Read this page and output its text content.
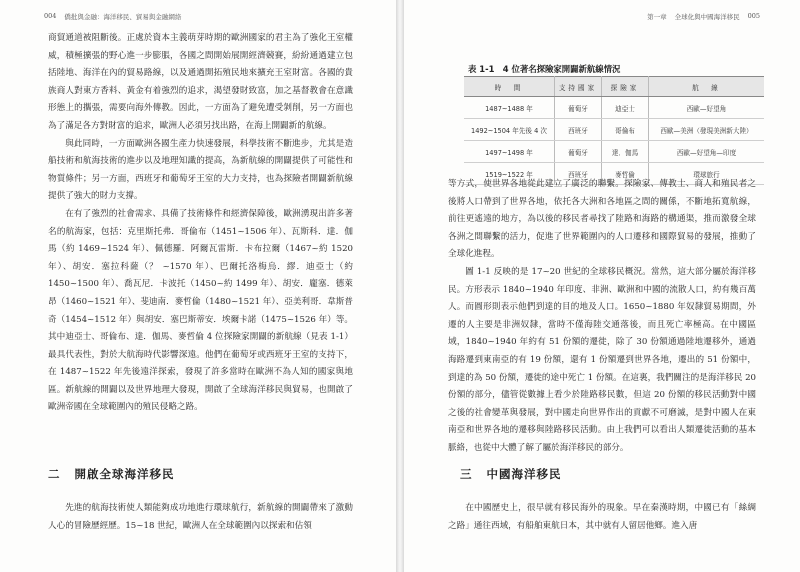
004 僑批與金融：海洋移民、貿易與金融網絡

商貿通道被阻斷後。正處於資本主義萌芽時期的歐洲國家的君主為了強化王室權威，積極擴張的野心進一步膨脹，各國之間開始展開經濟競賽，紛紛通過建立包括陸地、海洋在內的貿易路線，以及通過開拓殖民地來擴充王室財富。各國的貴族商人對東方香料、黃金有着強烈的追求，渴望發財致富，加之基督教會在意識形態上的攜張，需要向海外傳教。因此，一方面為了避免遭受剝削，另一方面也為了滿足各方對財富的追求，歐洲人必須另找出路，在海上開闢新的航線。

與此同時，一方面歐洲各國生產力快速發展，科學技術不斷進步，尤其是造船技術和航海技術的進步以及地理知識的提高，為新航線的開闢提供了可能性和物質條件；另一方面，西班牙和葡萄牙王室的大力支持，也為探險者開闢新航線提供了強大的財力支撐。

在有了強烈的社會需求、具備了技術條件和經濟保障後，歐洲湧現出許多著名的航海家，包括：克里斯托弗．哥倫布（1451~1506 年）、瓦斯科．達．伽馬（約 1469~1524 年）、佩德羅．阿爾瓦雷斯．卡布拉爾（1467~約 1520 年）、胡安．塞拉科薩（？ ~1570 年）、巴爾托洛梅烏．繆．迪亞士（約 1450~1500 年）、喬瓦尼．卡波托（1450~約 1499 年）、胡安．龐塞．德萊昂（1460~1521 年）、斐迪南．麥哲倫（1480~1521 年）、亞美利哥．韋斯普奇（1454~1512 年）與胡安．塞巴斯蒂安．埃爾卡諾（1475~1526 年）等。其中迪亞士、哥倫布、達．伽馬、麥哲倫 4 位探險家開闢的新航線（見表 1-1）最具代表性，對於大航海時代影響深遠。他們在葡萄牙或西班牙王室的支持下，在 1487~1522 年先後遠洋探索，發現了許多當時在歐洲不為人知的國家與地區。新航線的開闢以及世界地理大發現，開啟了全球海洋移民與貿易，也開啟了歐洲帝國在全球範圍內的殖民侵略之路。

二 開啟全球海洋移民

先進的航海技術使人類能夠成功地進行環球航行，新航線的開闢帶來了激動人心的冒險歷經歷。15~18 世紀，歐洲人在全球範圍內以探索和佔領

第一章 全球化與中國海洋移民 005
表 1-1　4 位著名探險家開闢新航線情況
時　間	支持國家	探險家	航　線
1487~1488 年	葡萄牙	迪亞士	西歐—好望角
1492~1504 年先後 4 次	西班牙	哥倫布	西歐—美洲（發現美洲新大陸）
1497~1498 年	葡萄牙	達．伽馬	西歐—好望角—印度
1519~1522 年	西班牙	麥哲倫	環球旅行

等方式，使世界各地從此建立了廣泛的聯繫。探險家、傳教士、商人和殖民者之後將人口帶到了世界各地，依托各大洲和各地區之間的關係，不斷地拓寬航線，前往更遙遠的地方，為以後的移民者尋找了陸路和海路的構通渠，推而激發全球各洲之間聯繫的活力，促進了世界範圍內的人口遷移和國際貿易的發展，推動了全球化進程。

圖 1-1 反映的是 17~20 世紀的全球移民概況。當然，這大部分屬於海洋移民。方形表示 1840~1940 年印度、非洲、歐洲和中國的流散人口，約有幾百萬人。而圓形則表示他們到達的目的地及人口。1650~1880 年奴隸貿易期間，外遷的人主要是非洲奴隸，當時不僅海陸交通落後，而且死亡率極高。在中國區域，1840~1940 年約有 51 份額的遷徙，除了 30 份額通過陸地遷移外，通過海路遷到東南亞的有 19 份額，還有 1 份額遷到世界各地，遷出的 51 份額中，到達的為 50 份額，遷徙的途中死亡 1 份額。在這裏，我們關注的是海洋移民 20 份額的部分，儘管從數據上看少於陸路移民數，但這 20 份額的移民活動對中國之後的社會變革與發展，對中國走向世界作出的貢獻不可磨滅，是對中國人在東南亞和世界各地的遷移與陸路移民活動。由上我們可以看出人類遷徙活動的基本脈絡，也從中大體了解了屬於海洋移民的部分。

三 中國海洋移民

在中國歷史上，很早就有移民海外的現象。早在秦漢時期，中國已有「絲綢之路」通往西域，有船舶東航日本，其中就有人留居他鄉。進入唐
